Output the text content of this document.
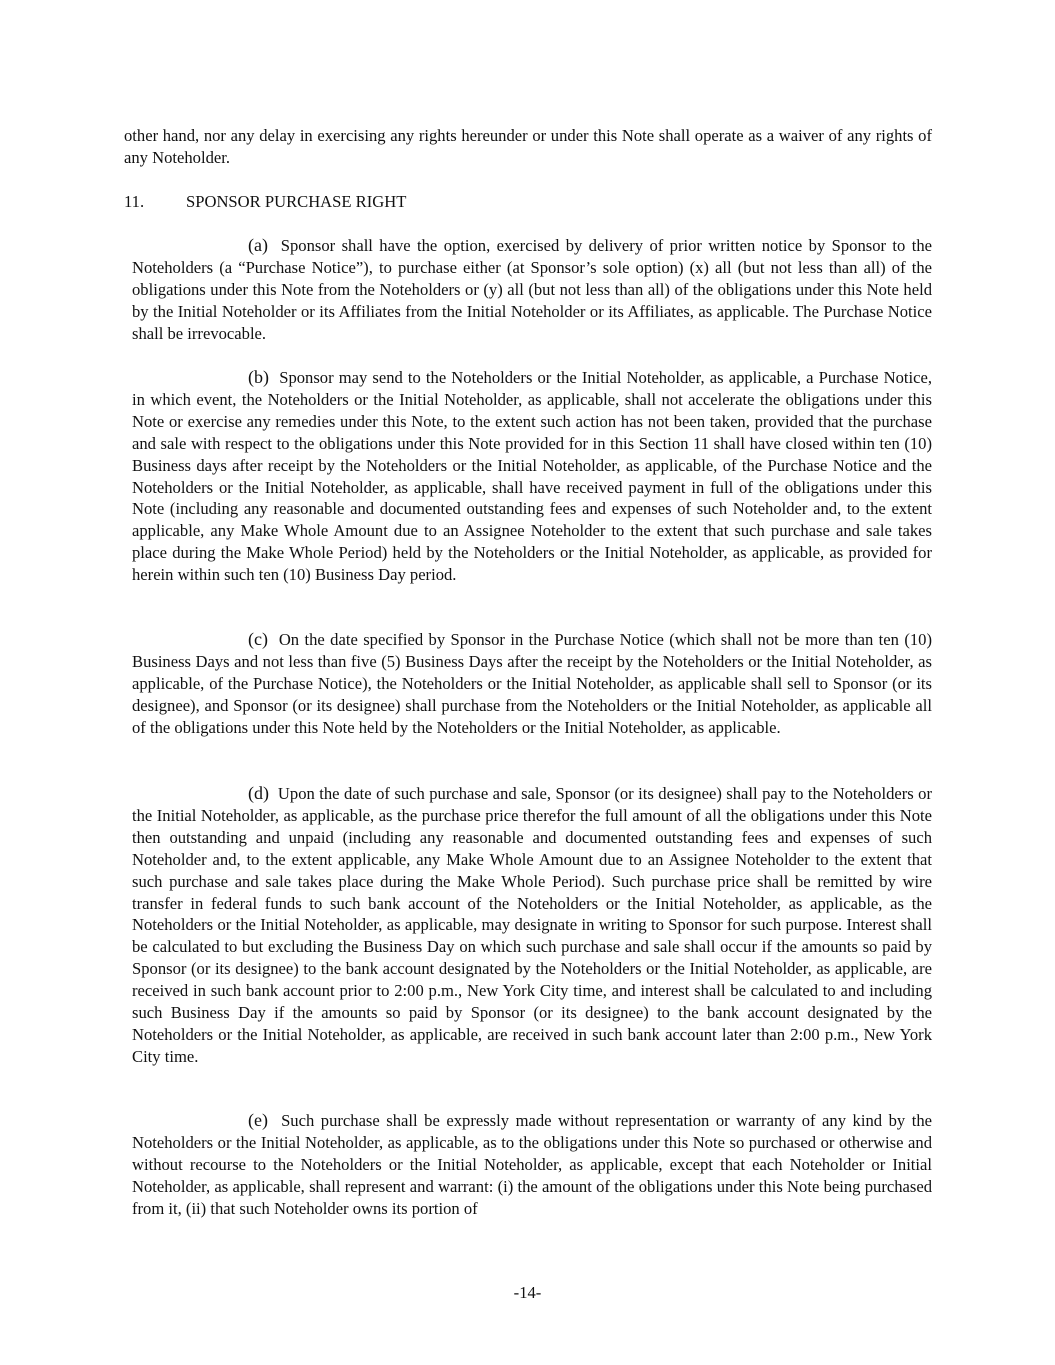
other hand, nor any delay in exercising any rights hereunder or under this Note shall operate as a waiver of any rights of any Noteholder.

11.	SPONSOR PURCHASE RIGHT

(a) Sponsor shall have the option, exercised by delivery of prior written notice by Sponsor to the Noteholders (a “Purchase Notice”), to purchase either (at Sponsor’s sole option) (x) all (but not less than all) of the obligations under this Note from the Noteholders or (y) all (but not less than all) of the obligations under this Note held by the Initial Noteholder or its Affiliates from the Initial Noteholder or its Affiliates, as applicable. The Purchase Notice shall be irrevocable.

(b) Sponsor may send to the Noteholders or the Initial Noteholder, as applicable, a Purchase Notice, in which event, the Noteholders or the Initial Noteholder, as applicable, shall not accelerate the obligations under this Note or exercise any remedies under this Note, to the extent such action has not been taken, provided that the purchase and sale with respect to the obligations under this Note provided for in this Section 11 shall have closed within ten (10) Business days after receipt by the Noteholders or the Initial Noteholder, as applicable, of the Purchase Notice and the Noteholders or the Initial Noteholder, as applicable, shall have received payment in full of the obligations under this Note (including any reasonable and documented outstanding fees and expenses of such Noteholder and, to the extent applicable, any Make Whole Amount due to an Assignee Noteholder to the extent that such purchase and sale takes place during the Make Whole Period) held by the Noteholders or the Initial Noteholder, as applicable, as provided for herein within such ten (10) Business Day period.

(c) On the date specified by Sponsor in the Purchase Notice (which shall not be more than ten (10) Business Days and not less than five (5) Business Days after the receipt by the Noteholders or the Initial Noteholder, as applicable, of the Purchase Notice), the Noteholders or the Initial Noteholder, as applicable shall sell to Sponsor (or its designee), and Sponsor (or its designee) shall purchase from the Noteholders or the Initial Noteholder, as applicable all of the obligations under this Note held by the Noteholders or the Initial Noteholder, as applicable.

(d) Upon the date of such purchase and sale, Sponsor (or its designee) shall pay to the Noteholders or the Initial Noteholder, as applicable, as the purchase price therefor the full amount of all the obligations under this Note then outstanding and unpaid (including any reasonable and documented outstanding fees and expenses of such Noteholder and, to the extent applicable, any Make Whole Amount due to an Assignee Noteholder to the extent that such purchase and sale takes place during the Make Whole Period). Such purchase price shall be remitted by wire transfer in federal funds to such bank account of the Noteholders or the Initial Noteholder, as applicable, as the Noteholders or the Initial Noteholder, as applicable, may designate in writing to Sponsor for such purpose. Interest shall be calculated to but excluding the Business Day on which such purchase and sale shall occur if the amounts so paid by Sponsor (or its designee) to the bank account designated by the Noteholders or the Initial Noteholder, as applicable, are received in such bank account prior to 2:00 p.m., New York City time, and interest shall be calculated to and including such Business Day if the amounts so paid by Sponsor (or its designee) to the bank account designated by the Noteholders or the Initial Noteholder, as applicable, are received in such bank account later than 2:00 p.m., New York City time.

(e) Such purchase shall be expressly made without representation or warranty of any kind by the Noteholders or the Initial Noteholder, as applicable, as to the obligations under this Note so purchased or otherwise and without recourse to the Noteholders or the Initial Noteholder, as applicable, except that each Noteholder or Initial Noteholder, as applicable, shall represent and warrant: (i) the amount of the obligations under this Note being purchased from it, (ii) that such Noteholder owns its portion of

-14-
